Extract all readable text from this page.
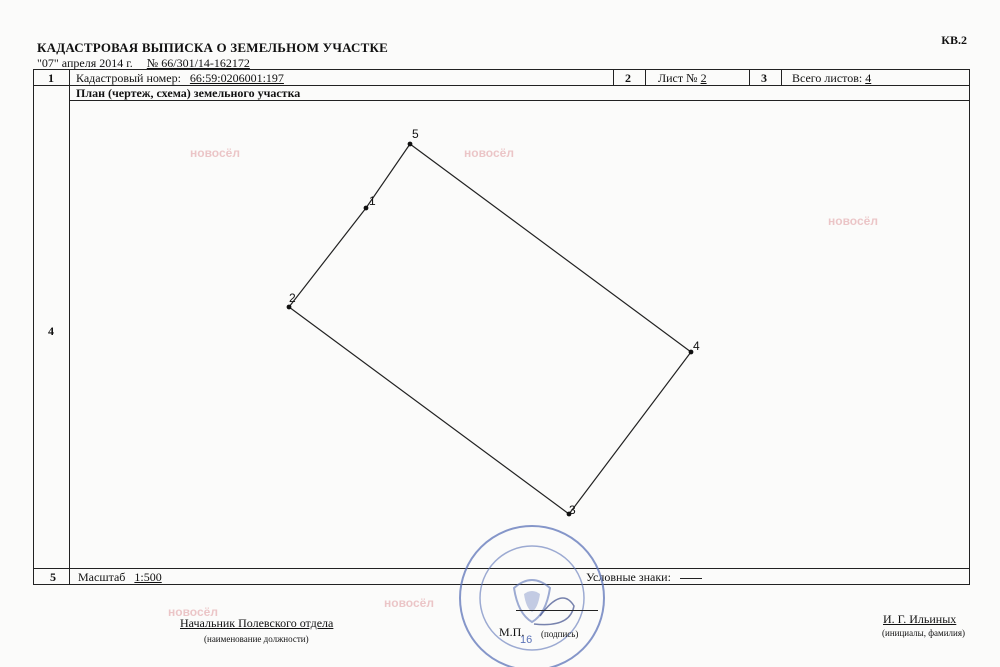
КАДАСТРОВАЯ ВЫПИСКА О ЗЕМЕЛЬНОМ УЧАСТКЕ	КВ.2
"07" апреля 2014 г. № 66/301/14-162172
1 Кадастровый номер: 66:59:0206001:197	2 Лист № 2	3 Всего листов: 4
4
План (чертеж, схема) земельного участка
5 Масштаб 1:500	Условные знаки:
новосёл	новосёл
новосёл
новосёл
новосёл
1
2
3
4
5
16
Начальник Полевского отдела
(наименование должности)	М.П. (подпись)
И. Г. Ильиных
(инициалы, фамилия)
